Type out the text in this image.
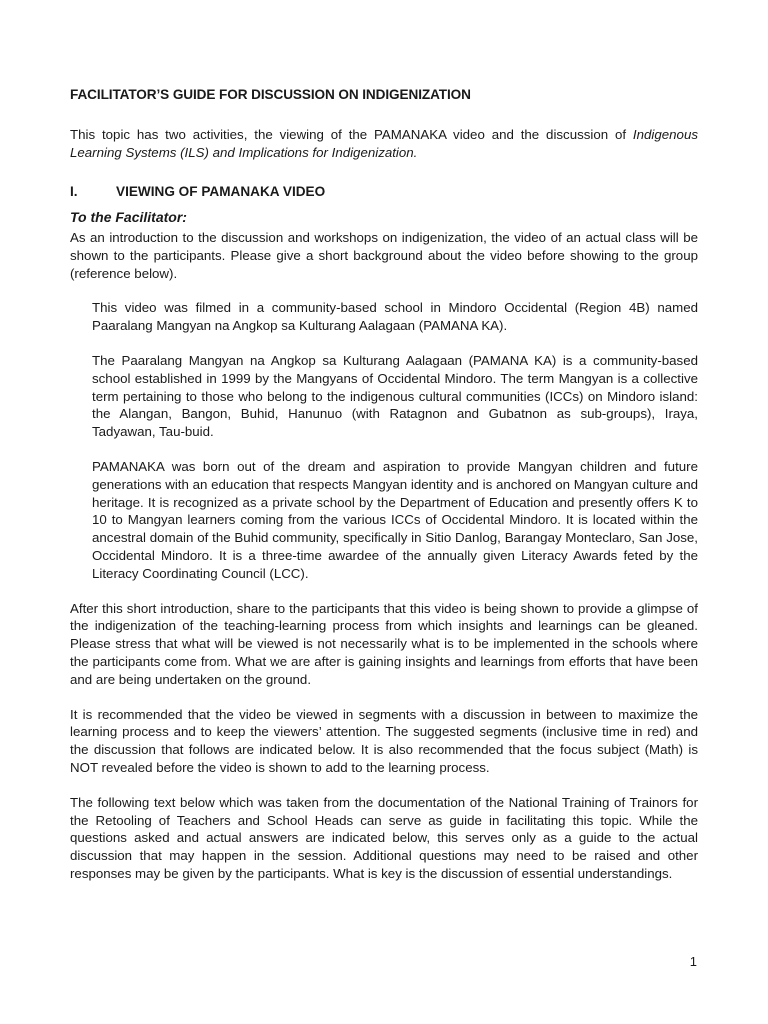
FACILITATOR’S GUIDE FOR DISCUSSION ON INDIGENIZATION

This topic has two activities, the viewing of the PAMANAKA video and the discussion of Indigenous Learning Systems (ILS) and Implications for Indigenization.

I.	VIEWING OF PAMANAKA VIDEO
To the Facilitator:

As an introduction to the discussion and workshops on indigenization, the video of an actual class will be shown to the participants. Please give a short background about the video before showing to the group (reference below).

This video was filmed in a community-based school in Mindoro Occidental (Region 4B) named Paaralang Mangyan na Angkop sa Kulturang Aalagaan (PAMANA KA).

The Paaralang Mangyan na Angkop sa Kulturang Aalagaan (PAMANA KA) is a community-based school established in 1999 by the Mangyans of Occidental Mindoro. The term Mangyan is a collective term pertaining to those who belong to the indigenous cultural communities (ICCs) on Mindoro island: the Alangan, Bangon, Buhid, Hanunuo (with Ratagnon and Gubatnon as sub-groups), Iraya, Tadyawan, Tau-buid.

PAMANAKA was born out of the dream and aspiration to provide Mangyan children and future generations with an education that respects Mangyan identity and is anchored on Mangyan culture and heritage. It is recognized as a private school by the Department of Education and presently offers K to 10 to Mangyan learners coming from the various ICCs of Occidental Mindoro. It is located within the ancestral domain of the Buhid community, specifically in Sitio Danlog, Barangay Monteclaro, San Jose, Occidental Mindoro. It is a three-time awardee of the annually given Literacy Awards feted by the Literacy Coordinating Council (LCC).

After this short introduction, share to the participants that this video is being shown to provide a glimpse of the indigenization of the teaching-learning process from which insights and learnings can be gleaned. Please stress that what will be viewed is not necessarily what is to be implemented in the schools where the participants come from. What we are after is gaining insights and learnings from efforts that have been and are being undertaken on the ground.

It is recommended that the video be viewed in segments with a discussion in between to maximize the learning process and to keep the viewers’ attention. The suggested segments (inclusive time in red) and the discussion that follows are indicated below. It is also recommended that the focus subject (Math) is NOT revealed before the video is shown to add to the learning process.

The following text below which was taken from the documentation of the National Training of Trainors for the Retooling of Teachers and School Heads can serve as guide in facilitating this topic. While the questions asked and actual answers are indicated below, this serves only as a guide to the actual discussion that may happen in the session. Additional questions may need to be raised and other responses may be given by the participants. What is key is the discussion of essential understandings.

1
